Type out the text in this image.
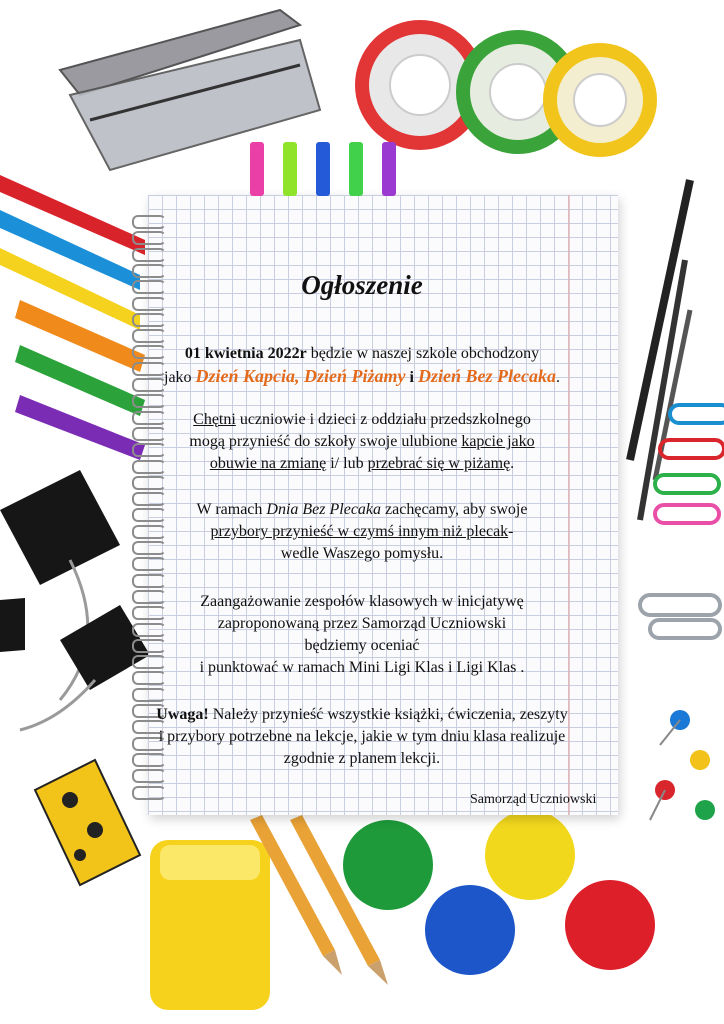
Ogłoszenie
01 kwietnia 2022r będzie w naszej szkole obchodzony
jako Dzień Kapcia, Dzień Piżamy i Dzień Bez Plecaka.
Chętni uczniowie i dzieci z oddziału przedszkolnego
mogą przynieść do szkoły swoje ulubione kapcie jako
obuwie na zmianę i/ lub przebrać się w piżamę.
W ramach Dnia Bez Plecaka zachęcamy, aby swoje
przybory przynieść w czymś innym niż plecak-
wedle Waszego pomysłu.
Zaangażowanie zespołów klasowych w inicjatywę
zaproponowaną przez Samorząd Uczniowski
będziemy oceniać
i punktować w ramach Mini Ligi Klas i Ligi Klas .
Uwaga! Należy przynieść wszystkie książki, ćwiczenia, zeszyty
i przybory potrzebne na lekcje, jakie w tym dniu klasa realizuje
zgodnie z planem lekcji.
Samorząd Uczniowski
